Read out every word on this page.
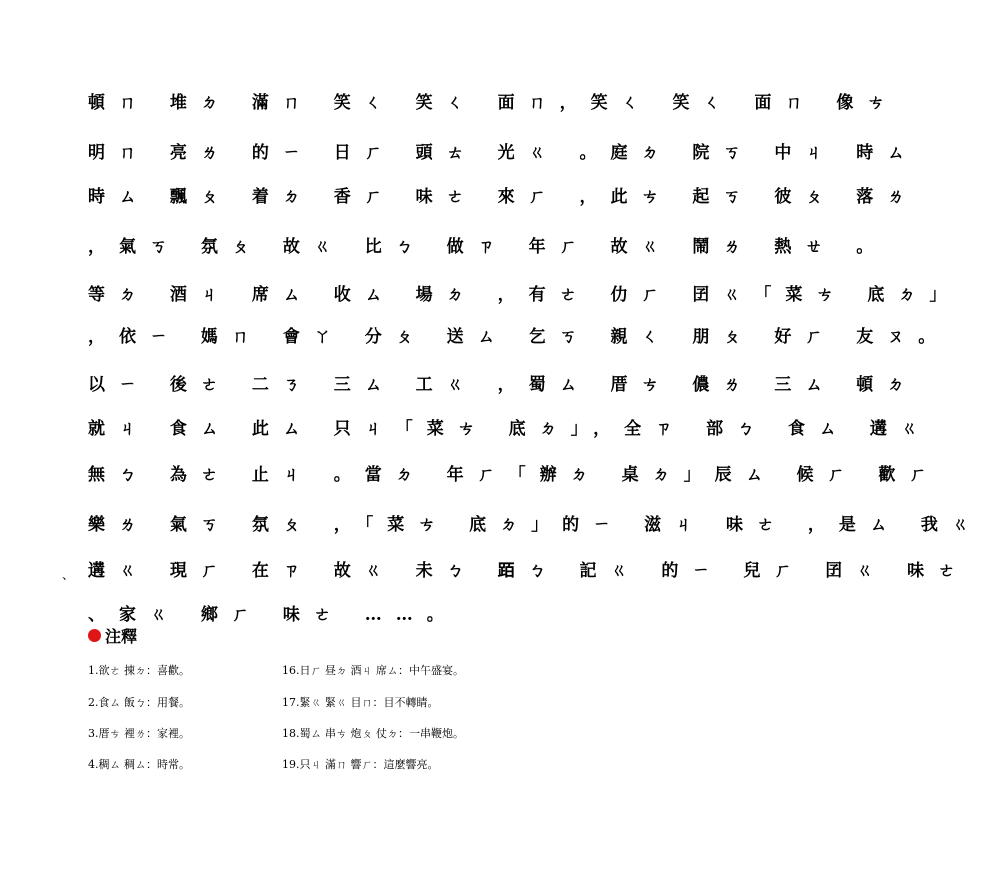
頓ㄇ 堆ㄉ 滿ㄇ 笑ㄑ 笑ㄑ 面ㄇ，笑ㄑ 笑ㄑ 面ㄇ 像ㄘ
明ㄇ 亮ㄌ 的ㄧ 日ㄏ 頭ㄊ 光ㄍ 。庭ㄉ 院ㄎ 中ㄐ 時ㄙ
時ㄙ 飄ㄆ 着ㄉ 香ㄏ 味ㄜ 來ㄏ ，此ㄘ 起ㄎ 彼ㄆ 落ㄌ
，氣ㄎ 氛ㄆ 故ㄍ 比ㄅ 做ㄗ 年ㄏ 故ㄍ 鬧ㄌ 熱ㄝ 。
等ㄉ 酒ㄐ 席ㄙ 收ㄙ 場ㄉ ，有ㄜ 仂ㄏ 囝ㄍ「菜ㄘ 底ㄉ」
，依ㄧ 媽ㄇ 會ㄚ 分ㄆ 送ㄙ 乞ㄎ 親ㄑ 朋ㄆ 好ㄏ 友ㄡ。
以ㄧ 後ㄜ 二ㄋ 三ㄙ 工ㄍ ，蜀ㄙ 厝ㄘ 儂ㄌ 三ㄙ 頓ㄉ
就ㄐ 食ㄙ 此ㄙ 只ㄐ「菜ㄘ 底ㄉ」，全ㄗ 部ㄅ 食ㄙ 遘ㄍ
無ㄅ 為ㄜ 止ㄐ 。當ㄉ 年ㄏ「辦ㄉ 桌ㄉ」辰ㄙ 候ㄏ 歡ㄏ
樂ㄌ 氣ㄎ 氛ㄆ ，「菜ㄘ 底ㄉ」的ㄧ 滋ㄐ 味ㄜ ，是ㄙ 我ㄍ
遘ㄍ 現ㄏ 在ㄗ 故ㄍ 未ㄅ 𬦰ㄅ 記ㄍ 的ㄧ 兒ㄏ 囝ㄍ 味ㄜ
、家ㄍ 鄉ㄏ 味ㄜ ……。
、
注釋
1.欲ㄜ 㨂ㄉ：喜歡。
2.食ㄙ 飯ㄅ：用餐。
3.厝ㄘ 裡ㄌ：家裡。
4.稠ㄙ 稠ㄙ：時常。
16.日ㄏ 昼ㄉ 酒ㄐ 席ㄙ：中午盛宴。
17.緊ㄍ 緊ㄍ 目ㄇ：目不轉睛。
18.蜀ㄙ 串ㄘ 炮ㄆ 仗ㄉ：一串鞭炮。
19.只ㄐ 滿ㄇ 響ㄏ：這麼響亮。
